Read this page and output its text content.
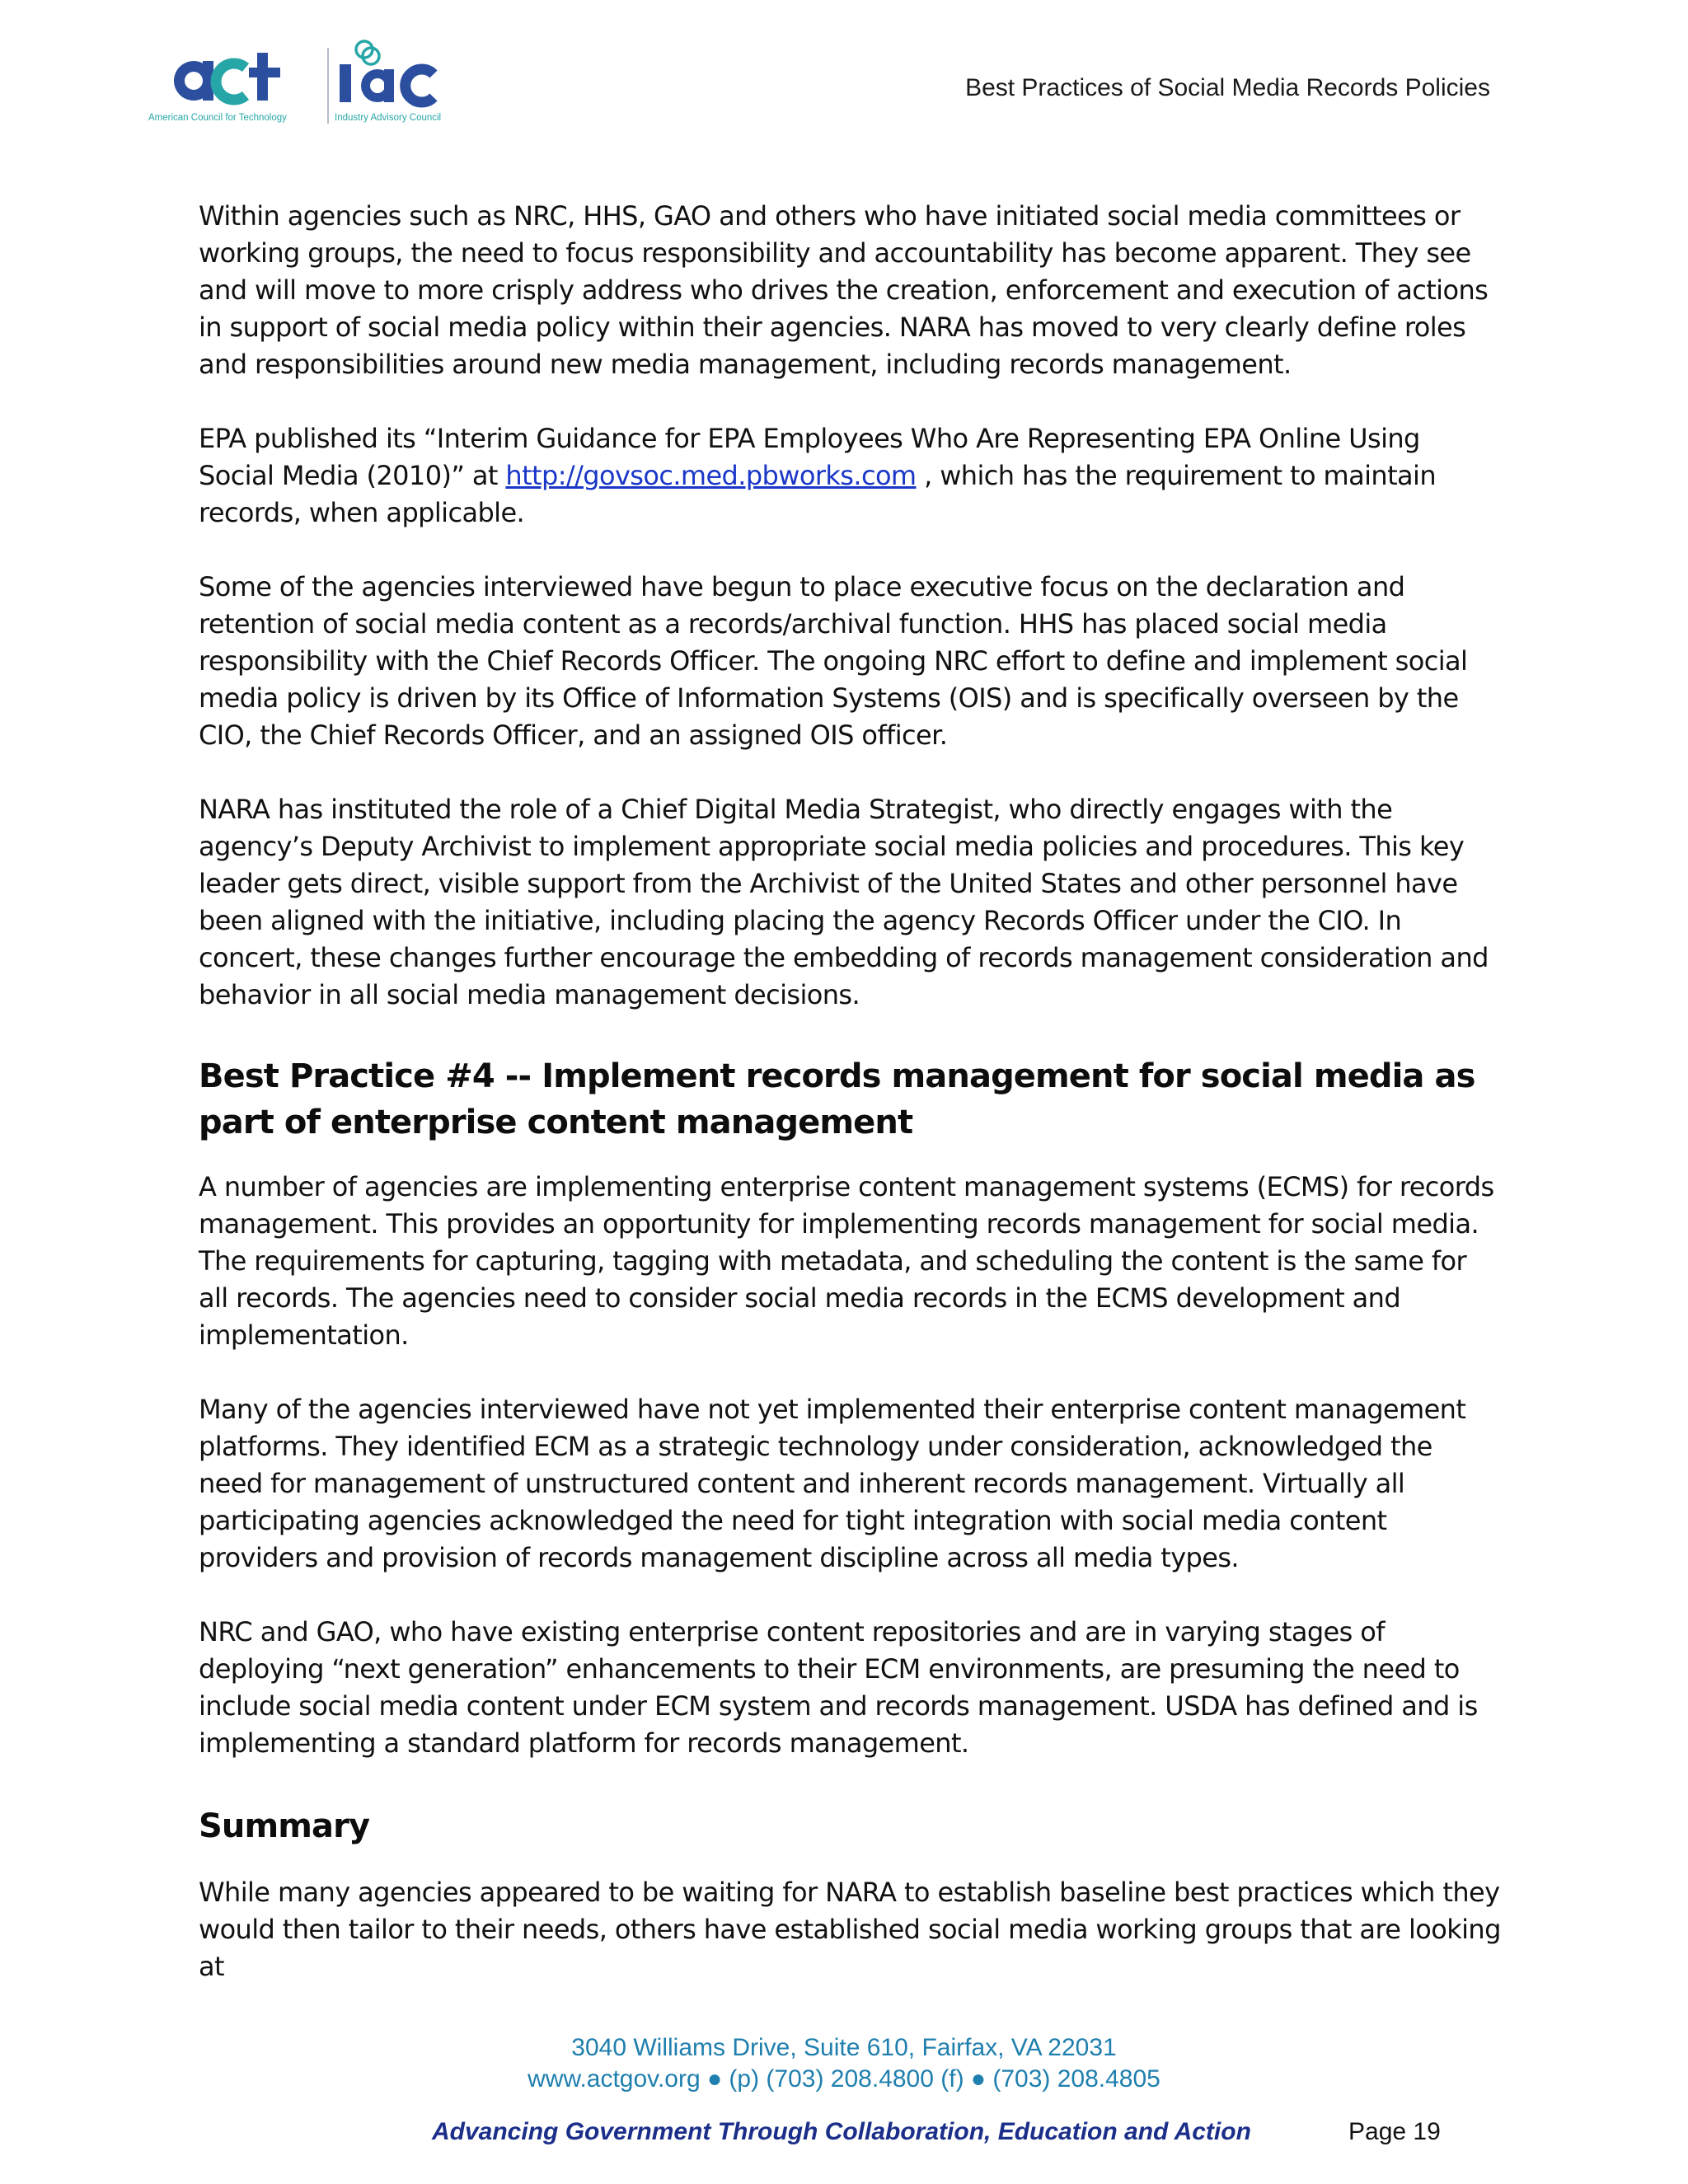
American Council for Technology	Industry Advisory Council
Best Practices of Social Media Records Policies

Within agencies such as NRC, HHS, GAO and others who have initiated social media committees or working groups, the need to focus responsibility and accountability has become apparent. They see and will move to more crisply address who drives the creation, enforcement and execution of actions in support of social media policy within their agencies. NARA has moved to very clearly define roles and responsibilities around new media management, including records management.

EPA published its “Interim Guidance for EPA Employees Who Are Representing EPA Online Using Social Media (2010)” at http://govsoc.med.pbworks.com , which has the requirement to maintain records, when applicable.

Some of the agencies interviewed have begun to place executive focus on the declaration and retention of social media content as a records/archival function. HHS has placed social media responsibility with the Chief Records Officer. The ongoing NRC effort to define and implement social media policy is driven by its Office of Information Systems (OIS) and is specifically overseen by the CIO, the Chief Records Officer, and an assigned OIS officer.

NARA has instituted the role of a Chief Digital Media Strategist, who directly engages with the agency’s Deputy Archivist to implement appropriate social media policies and procedures. This key leader gets direct, visible support from the Archivist of the United States and other personnel have been aligned with the initiative, including placing the agency Records Officer under the CIO. In concert, these changes further encourage the embedding of records management consideration and behavior in all social media management decisions.

Best Practice #4 -- Implement records management for social media as part of enterprise content management

A number of agencies are implementing enterprise content management systems (ECMS) for records management. This provides an opportunity for implementing records management for social media. The requirements for capturing, tagging with metadata, and scheduling the content is the same for all records. The agencies need to consider social media records in the ECMS development and implementation.

Many of the agencies interviewed have not yet implemented their enterprise content management platforms. They identified ECM as a strategic technology under consideration, acknowledged the need for management of unstructured content and inherent records management. Virtually all participating agencies acknowledged the need for tight integration with social media content providers and provision of records management discipline across all media types.

NRC and GAO, who have existing enterprise content repositories and are in varying stages of deploying “next generation” enhancements to their ECM environments, are presuming the need to include social media content under ECM system and records management. USDA has defined and is implementing a standard platform for records management.

Summary

While many agencies appeared to be waiting for NARA to establish baseline best practices which they would then tailor to their needs, others have established social media working groups that are looking at

3040 Williams Drive, Suite 610, Fairfax, VA 22031
www.actgov.org ● (p) (703) 208.4800 (f) ● (703) 208.4805
Advancing Government Through Collaboration, Education and Action	Page 19
